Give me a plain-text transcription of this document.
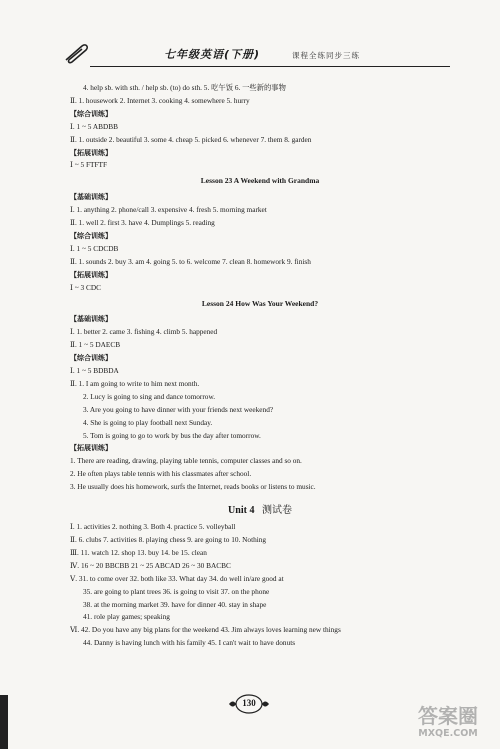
七年级英语(下册)	课程全练同步三练
4. help sb. with sth. / help sb. (to) do sth. 5. 吃午饭 6. 一些新的事物
Ⅱ. 1. housework 2. Internet 3. cooking 4. somewhere 5. hurry
【综合训练】
Ⅰ. 1 ~ 5 ABDBB
Ⅱ. 1. outside 2. beautiful 3. some 4. cheap 5. picked 6. whenever 7. them 8. garden
【拓展训练】
Ⅰ ~ 5 FTFTF
Lesson 23 A Weekend with Grandma
【基础训练】
Ⅰ. 1. anything 2. phone/call 3. expensive 4. fresh 5. morning market
Ⅱ. 1. well 2. first 3. have 4. Dumplings 5. reading
【综合训练】
Ⅰ. 1 ~ 5 CDCDB
Ⅱ. 1. sounds 2. buy 3. am 4. going 5. to 6. welcome 7. clean 8. homework 9. finish
【拓展训练】
Ⅰ ~ 3 CDC
Lesson 24 How Was Your Weekend?
【基础训练】
Ⅰ. 1. better 2. came 3. fishing 4. climb 5. happened
Ⅱ. 1 ~ 5 DAECB
【综合训练】
Ⅰ. 1 ~ 5 BDBDA
Ⅱ. 1. I am going to write to him next month.
2. Lucy is going to sing and dance tomorrow.
3. Are you going to have dinner with your friends next weekend?
4. She is going to play football next Sunday.
5. Tom is going to go to work by bus the day after tomorrow.
【拓展训练】
1. There are reading, drawing, playing table tennis, computer classes and so on.
2. He often plays table tennis with his classmates after school.
3. He usually does his homework, surfs the Internet, reads books or listens to music.
Unit 4 测试卷
Ⅰ. 1. activities 2. nothing 3. Both 4. practice 5. volleyball
Ⅱ. 6. clubs 7. activities 8. playing chess 9. are going to 10. Nothing
Ⅲ. 11. watch 12. shop 13. buy 14. be 15. clean
Ⅳ. 16 ~ 20 BBCBB 21 ~ 25 ABCAD 26 ~ 30 BACBC
Ⅴ. 31. to come over 32. both like 33. What day 34. do well in/are good at
35. are going to plant trees 36. is going to visit 37. on the phone
38. at the morning market 39. have for dinner 40. stay in shape
41. role play games; speaking
Ⅵ. 42. Do you have any big plans for the weekend 43. Jim always loves learning new things
44. Danny is having lunch with his family 45. I can't wait to have donuts
130
答案圈
MXQE.COM
